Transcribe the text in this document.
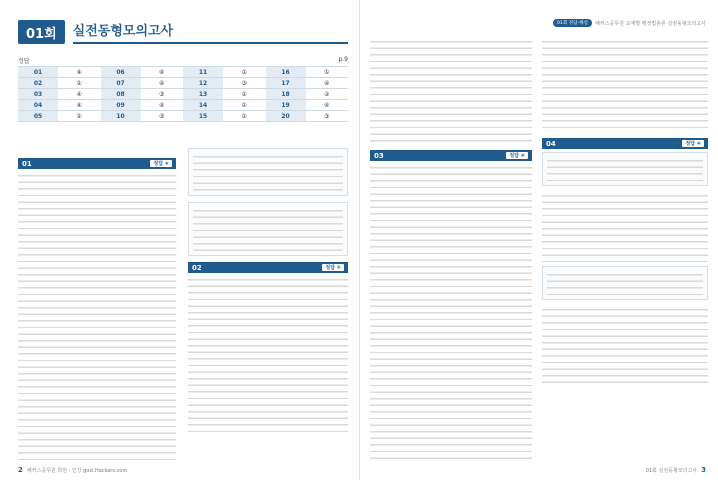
01회	실전동형모의고사
정답	p.9
01	④	06	④	11	①	16	①
02	①	07	④	12	③	17	④
03	④	08	③	13	①	18	②
04	④	09	④	14	①	19	④
05	①	10	③	15	①	20	③
01	정답 ④
02	정답 ①
2 해커스공무원 학원 · 인강 gosi.Hackers.com
01회 정답·해설	해커스공무원 교재별 행정법총론 실전동형모의고사
03	정답 ④
04	정답 ④
01회 실전동형모의고사 3
